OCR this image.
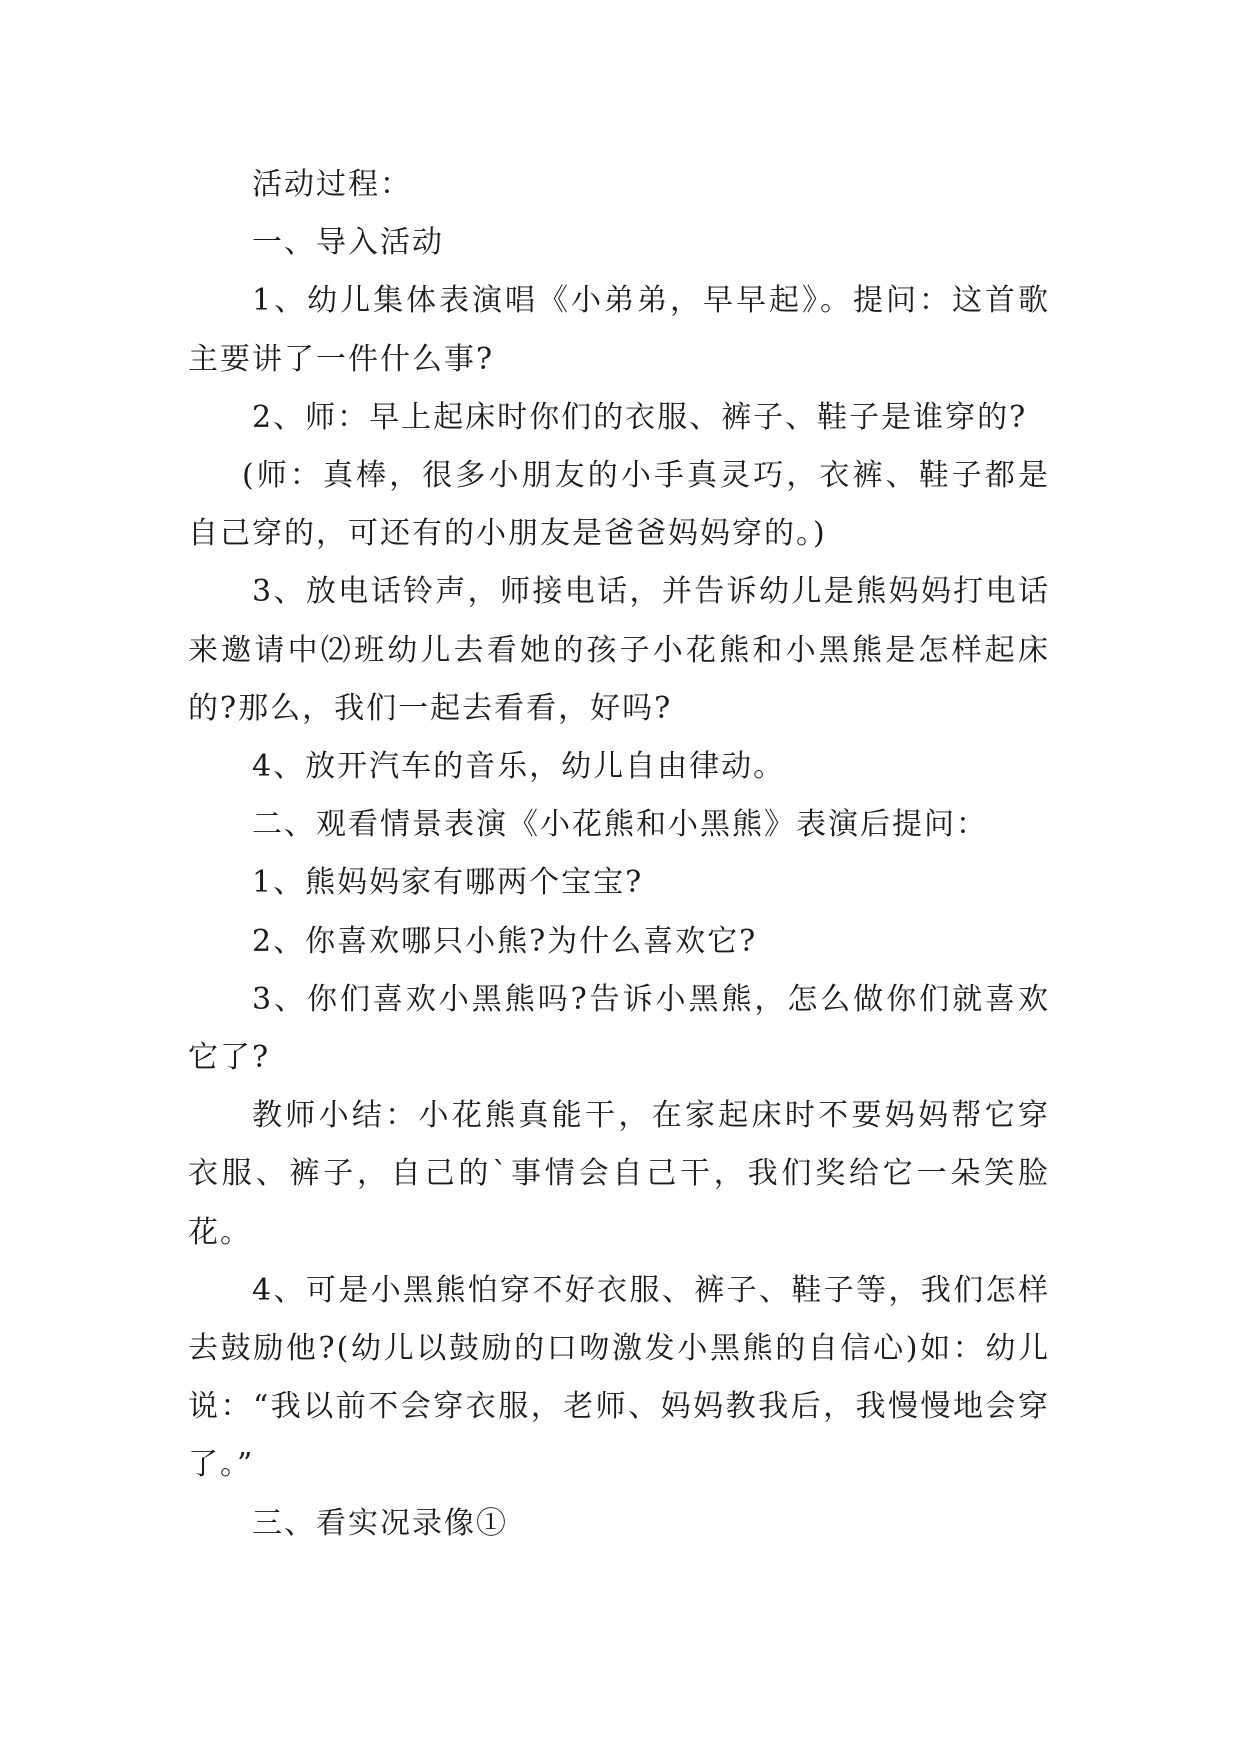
活动过程：

一、导入活动

1、幼儿集体表演唱《小弟弟，早早起》。提问：这首歌主要讲了一件什么事?

2、师：早上起床时你们的衣服、裤子、鞋子是谁穿的?

(师：真棒，很多小朋友的小手真灵巧，衣裤、鞋子都是自己穿的，可还有的小朋友是爸爸妈妈穿的。)

3、放电话铃声，师接电话，并告诉幼儿是熊妈妈打电话来邀请中⑵班幼儿去看她的孩子小花熊和小黑熊是怎样起床的?那么，我们一起去看看，好吗?

4、放开汽车的音乐，幼儿自由律动。

二、观看情景表演《小花熊和小黑熊》表演后提问：

1、熊妈妈家有哪两个宝宝?

2、你喜欢哪只小熊?为什么喜欢它?

3、你们喜欢小黑熊吗?告诉小黑熊，怎么做你们就喜欢它了?

教师小结：小花熊真能干，在家起床时不要妈妈帮它穿衣服、裤子，自己的`事情会自己干，我们奖给它一朵笑脸花。

4、可是小黑熊怕穿不好衣服、裤子、鞋子等，我们怎样去鼓励他?(幼儿以鼓励的口吻激发小黑熊的自信心)如：幼儿说：“我以前不会穿衣服，老师、妈妈教我后，我慢慢地会穿了。”

三、看实况录像①
